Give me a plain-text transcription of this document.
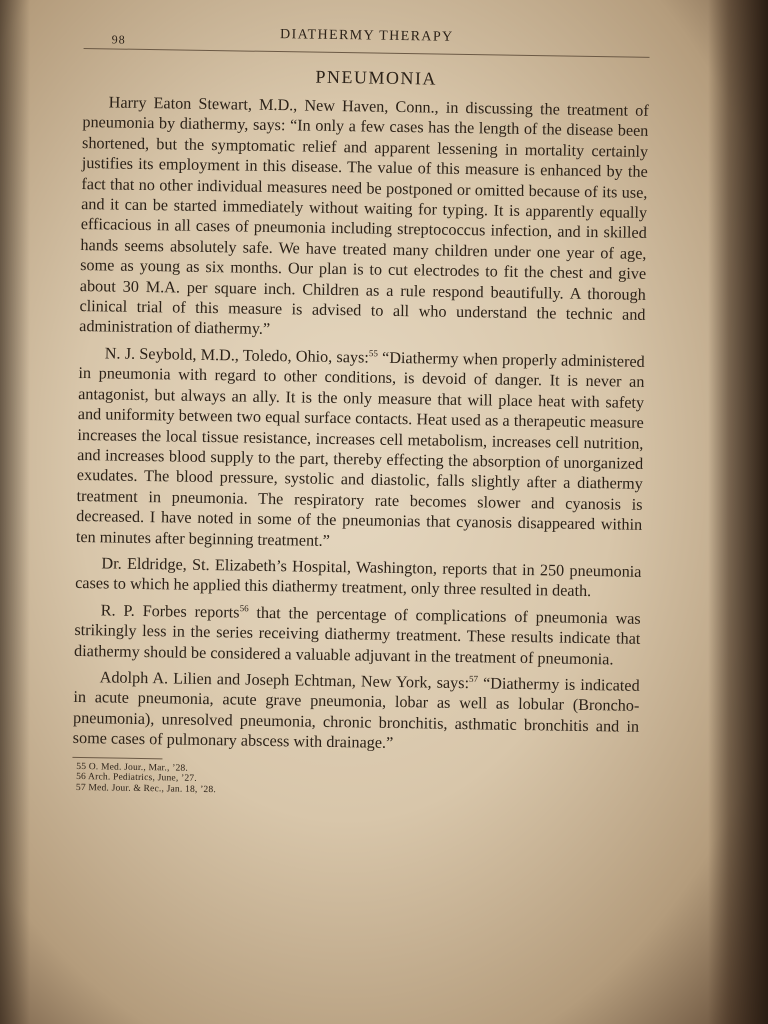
98	DIATHERMY THERAPY
PNEUMONIA

Harry Eaton Stewart, M.D., New Haven, Conn., in discussing the treatment of pneumonia by diathermy, says: “In only a few cases has the length of the disease been shortened, but the symptomatic relief and apparent lessening in mortality certainly justifies its employment in this disease. The value of this measure is enhanced by the fact that no other individual measures need be postponed or omitted because of its use, and it can be started immediately without waiting for typing. It is apparently equally efficacious in all cases of pneumonia including streptococcus infection, and in skilled hands seems absolutely safe. We have treated many children under one year of age, some as young as six months. Our plan is to cut electrodes to fit the chest and give about 30 M.A. per square inch. Children as a rule respond beautifully. A thorough clinical trial of this measure is advised to all who understand the technic and administration of diathermy.”

N. J. Seybold, M.D., Toledo, Ohio, says:$^{55}$ “Diathermy when properly administered in pneumonia with regard to other conditions, is devoid of danger. It is never an antagonist, but always an ally. It is the only measure that will place heat with safety and uniformity between two equal surface contacts. Heat used as a therapeutic measure increases the local tissue resistance, increases cell metabolism, increases cell nutrition, and increases blood supply to the part, thereby effecting the absorption of unorganized exudates. The blood pressure, systolic and diastolic, falls slightly after a diathermy treatment in pneumonia. The respiratory rate becomes slower and cyanosis is decreased. I have noted in some of the pneumonias that cyanosis disappeared within ten minutes after beginning treatment.”

Dr. Eldridge, St. Elizabeth’s Hospital, Washington, reports that in 250 pneumonia cases to which he applied this diathermy treatment, only three resulted in death.

R. P. Forbes reports$^{56}$ that the percentage of complications of pneumonia was strikingly less in the series receiving diathermy treatment. These results indicate that diathermy should be considered a valuable adjuvant in the treatment of pneumonia.

Adolph A. Lilien and Joseph Echtman, New York, says:$^{57}$ “Diathermy is indicated in acute pneumonia, acute grave pneumonia, lobar as well as lobular (Broncho-pneumonia), unresolved pneumonia, chronic bronchitis, asthmatic bronchitis and in some cases of pulmonary abscess with drainage.”

55 O. Med. Jour., Mar., ’28.
56 Arch. Pediatrics, June, ’27.
57 Med. Jour. & Rec., Jan. 18, ’28.
